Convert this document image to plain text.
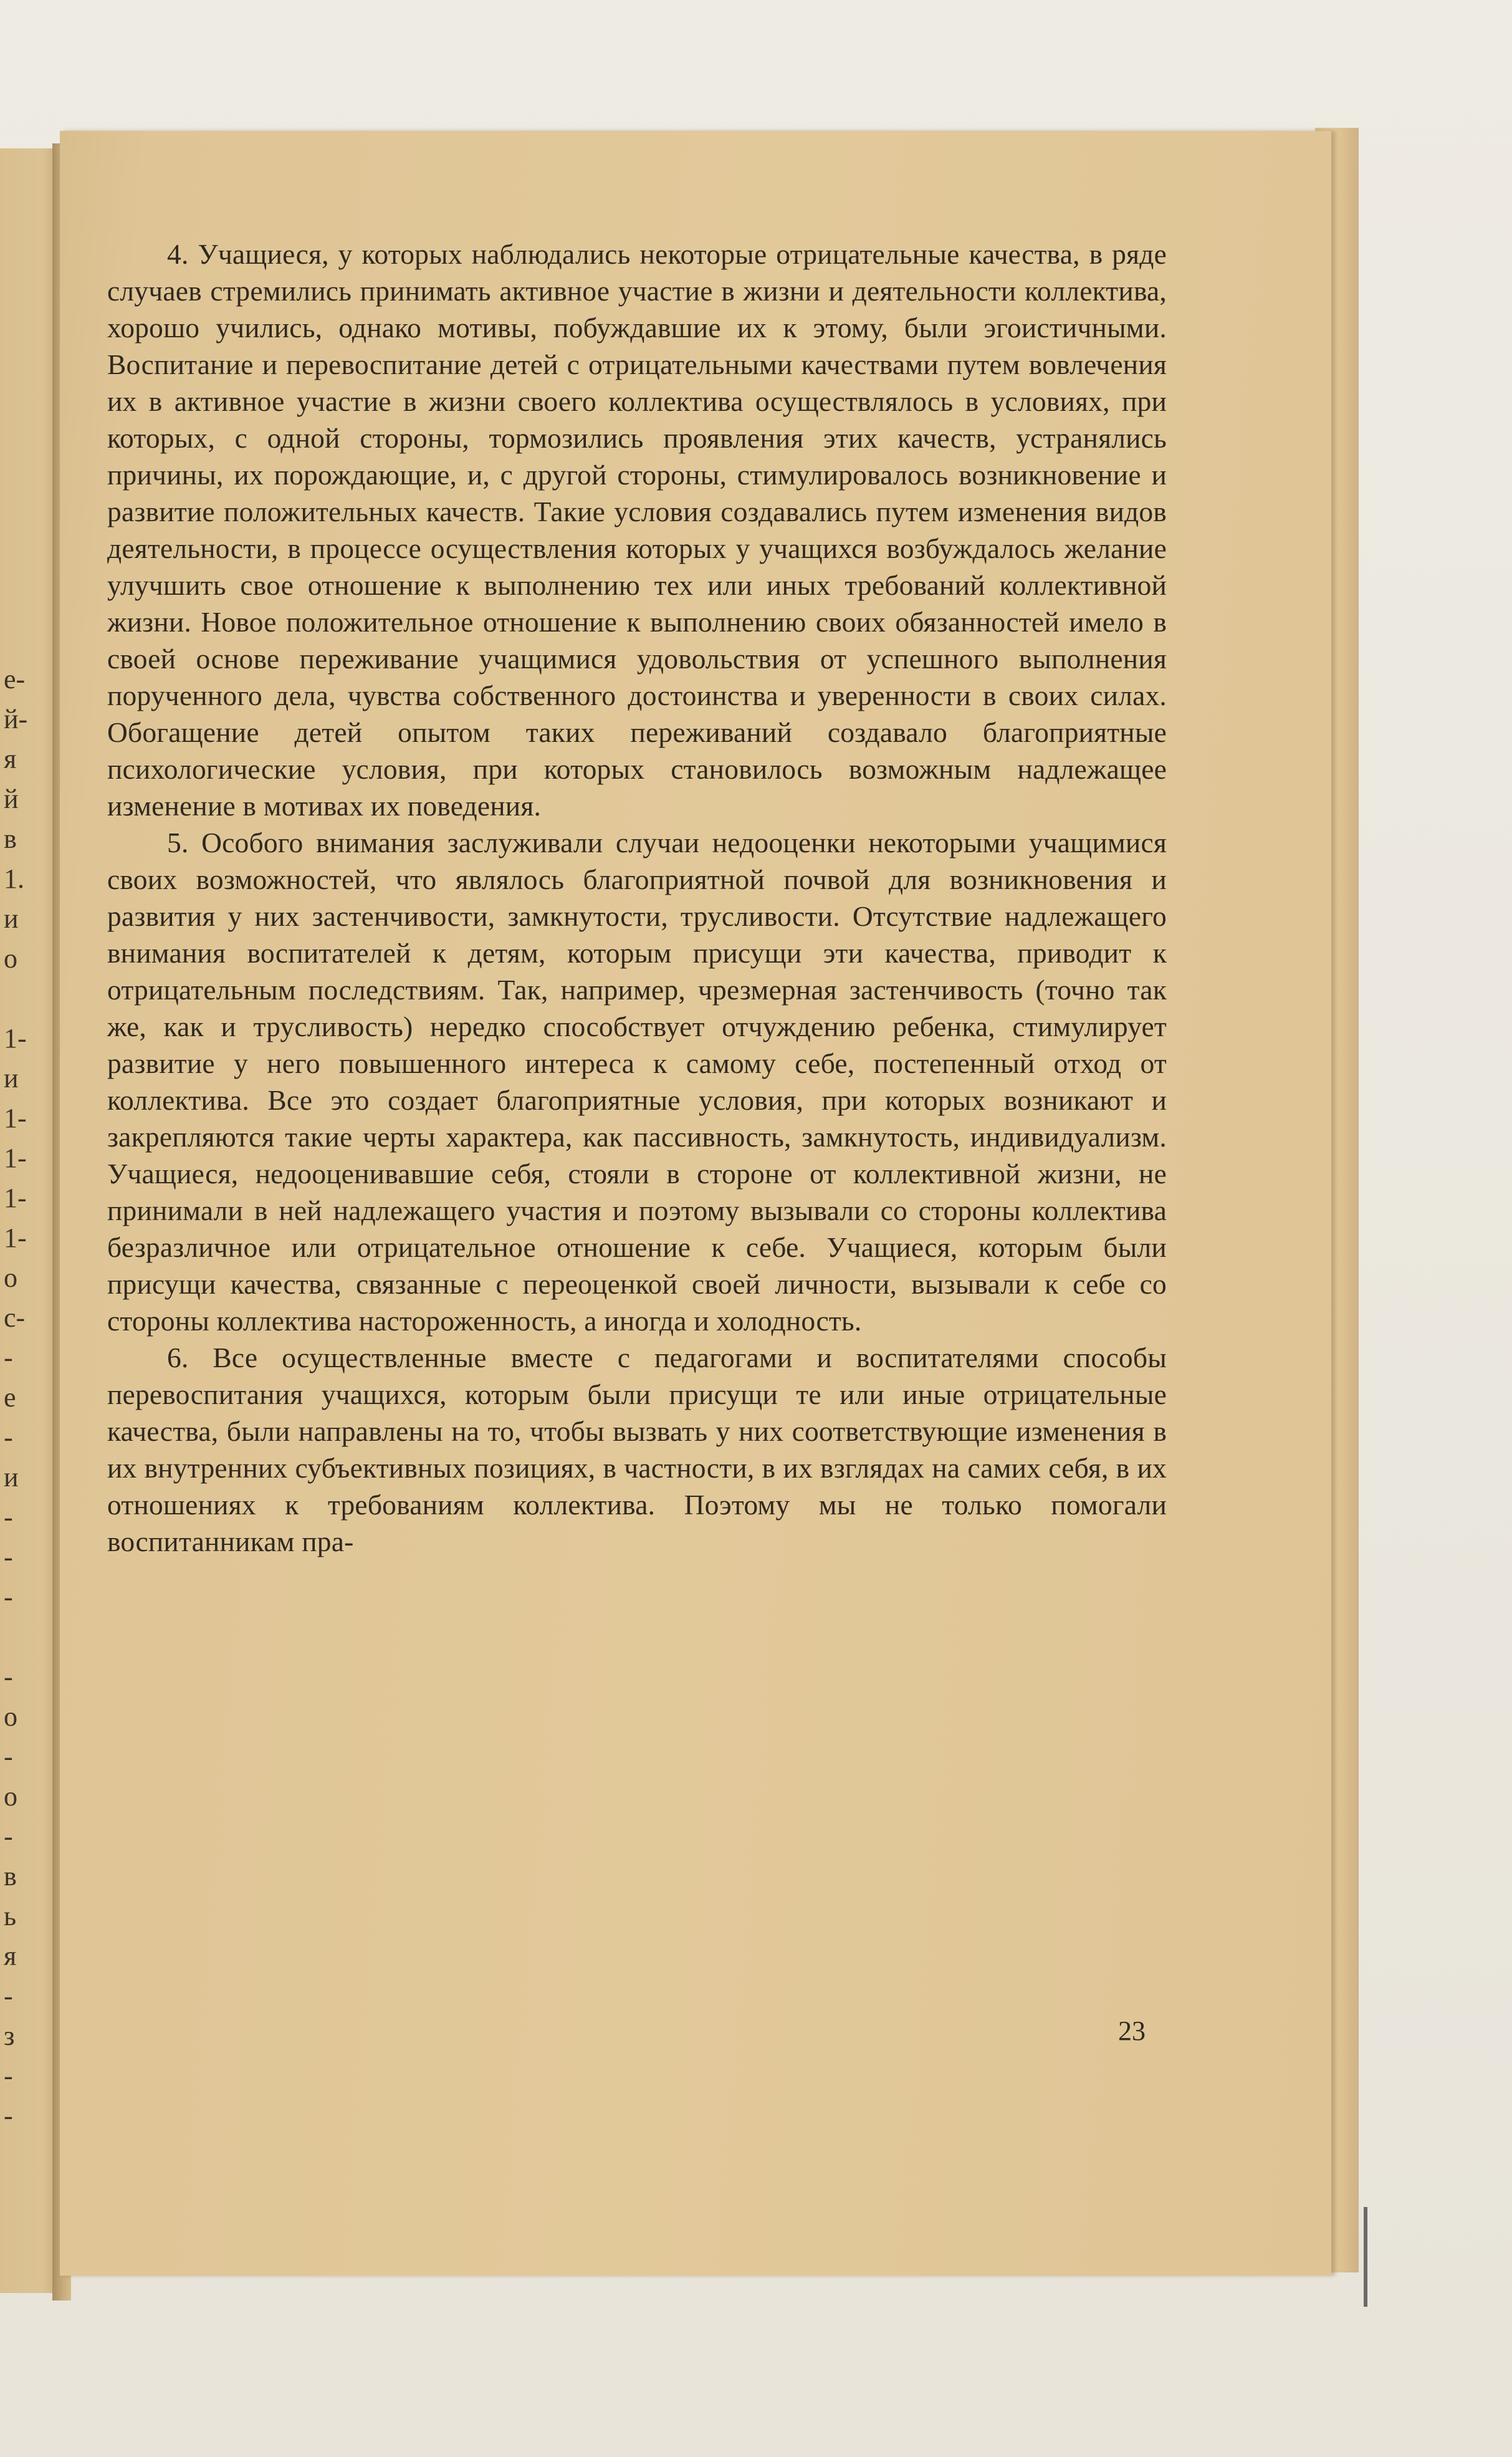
е-
й-
я
й
в
1.
и
о
1-
и
1-
1-
1-
1-
о
с-
-
е
-
и
-
-
-
-
о
-
о
-
в
ь
я
-
з
-
-

4. Учащиеся, у которых наблюдались некоторые отрицательные качества, в ряде случаев стремились принимать активное участие в жизни и деятельности коллектива, хорошо учились, однако мотивы, побуждавшие их к этому, были эгоистичными. Воспитание и перевоспитание детей с отрицательными качествами путем вовлечения их в активное участие в жизни своего коллектива осуществлялось в условиях, при которых, с одной стороны, тормозились проявления этих качеств, устранялись причины, их порождающие, и, с другой стороны, стимулировалось возникновение и развитие положительных качеств. Такие условия создавались путем изменения видов деятельности, в процессе осуществления которых у учащихся возбуждалось желание улучшить свое отношение к выполнению тех или иных требований коллективной жизни. Новое положительное отношение к выполнению своих обязанностей имело в своей основе переживание учащимися удовольствия от успешного выполнения порученного дела, чувства собственного достоинства и уверенности в своих силах. Обогащение детей опытом таких переживаний создавало благоприятные психологические условия, при которых становилось возможным надлежащее изменение в мотивах их поведения.

5. Особого внимания заслуживали случаи недооценки некоторыми учащимися своих возможностей, что являлось благоприятной почвой для возникновения и развития у них застенчивости, замкнутости, трусливости. Отсутствие надлежащего внимания воспитателей к детям, которым присущи эти качества, приводит к отрицательным последствиям. Так, например, чрезмерная застенчивость (точно так же, как и трусливость) нередко способствует отчуждению ребенка, стимулирует развитие у него повышенного интереса к самому себе, постепенный отход от коллектива. Все это создает благоприятные условия, при которых возникают и закрепляются такие черты характера, как пассивность, замкнутость, индивидуализм. Учащиеся, недооценивавшие себя, стояли в стороне от коллективной жизни, не принимали в ней надлежащего участия и поэтому вызывали со стороны коллектива безразличное или отрицательное отношение к себе. Учащиеся, которым были присущи качества, связанные с переоценкой своей личности, вызывали к себе со стороны коллектива настороженность, а иногда и холодность.

6. Все осуществленные вместе с педагогами и воспитателями способы перевоспитания учащихся, которым были присущи те или иные отрицательные качества, были направлены на то, чтобы вызвать у них соответствующие изменения в их внутренних субъективных позициях, в частности, в их взглядах на самих себя, в их отношениях к требованиям коллектива. Поэтому мы не только помогали воспитанникам пра-

23
